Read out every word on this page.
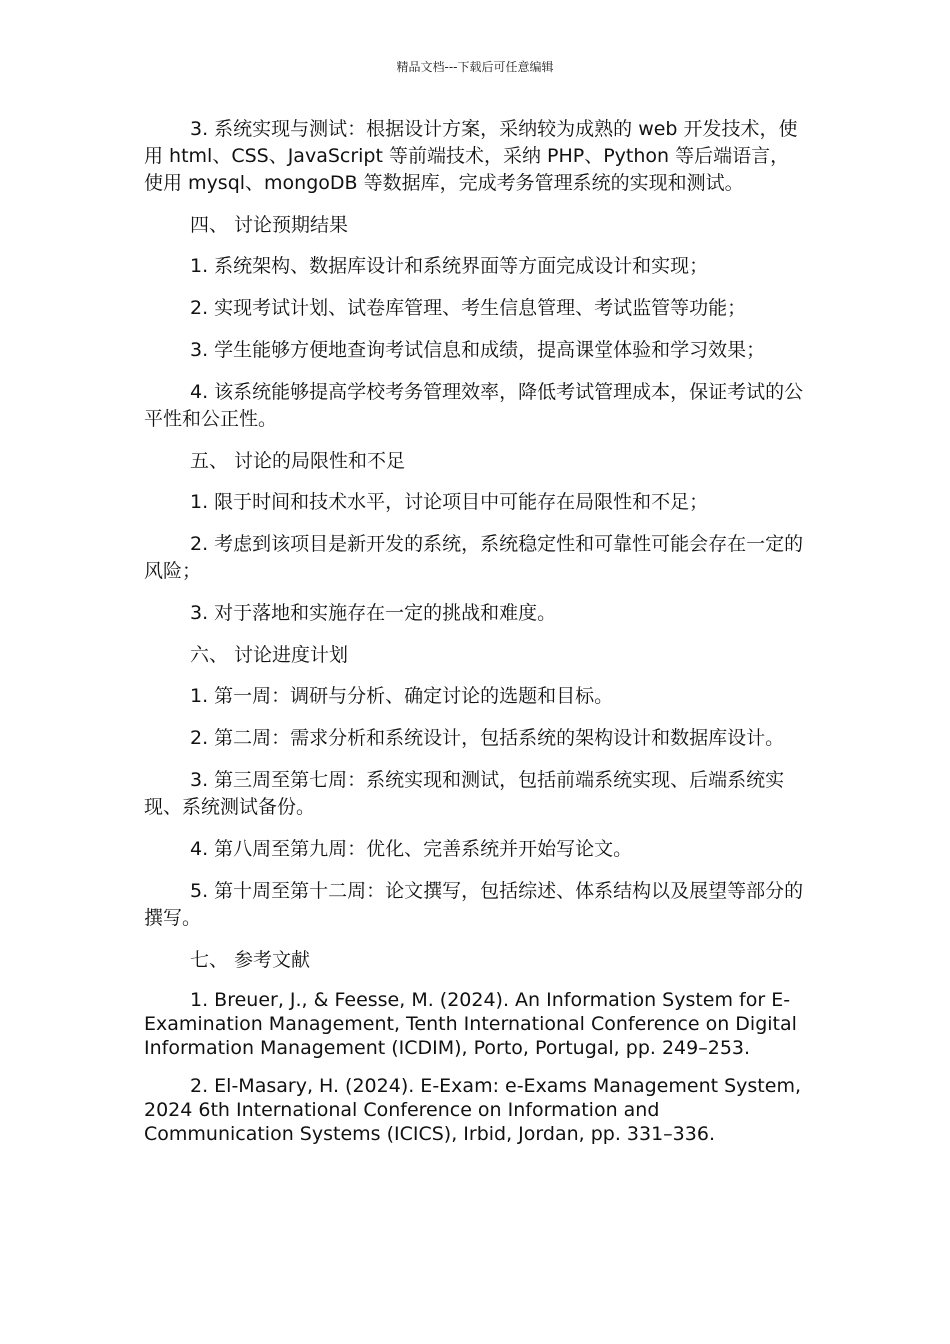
精品文档---下载后可任意编辑

3. 系统实现与测试：根据设计方案，采纳较为成熟的 web 开发技术，使用 html、CSS、JavaScript 等前端技术，采纳 PHP、Python 等后端语言，使用 mysql、mongoDB 等数据库，完成考务管理系统的实现和测试。

四、 讨论预期结果

1. 系统架构、数据库设计和系统界面等方面完成设计和实现；

2. 实现考试计划、试卷库管理、考生信息管理、考试监管等功能；

3. 学生能够方便地查询考试信息和成绩，提高课堂体验和学习效果；

4. 该系统能够提高学校考务管理效率，降低考试管理成本，保证考试的公平性和公正性。

五、 讨论的局限性和不足

1. 限于时间和技术水平，讨论项目中可能存在局限性和不足；

2. 考虑到该项目是新开发的系统，系统稳定性和可靠性可能会存在一定的风险；

3. 对于落地和实施存在一定的挑战和难度。

六、 讨论进度计划

1. 第一周：调研与分析、确定讨论的选题和目标。

2. 第二周：需求分析和系统设计，包括系统的架构设计和数据库设计。

3. 第三周至第七周：系统实现和测试，包括前端系统实现、后端系统实现、系统测试备份。

4. 第八周至第九周：优化、完善系统并开始写论文。

5. 第十周至第十二周：论文撰写，包括综述、体系结构以及展望等部分的撰写。

七、 参考文献

1. Breuer, J., & Feesse, M. (2024). An Information System for E-Examination Management, Tenth International Conference on Digital Information Management (ICDIM), Porto, Portugal, pp. 249–253.

2. El-Masary, H. (2024). E-Exam: e-Exams Management System, 2024 6th International Conference on Information and Communication Systems (ICICS), Irbid, Jordan, pp. 331–336.
